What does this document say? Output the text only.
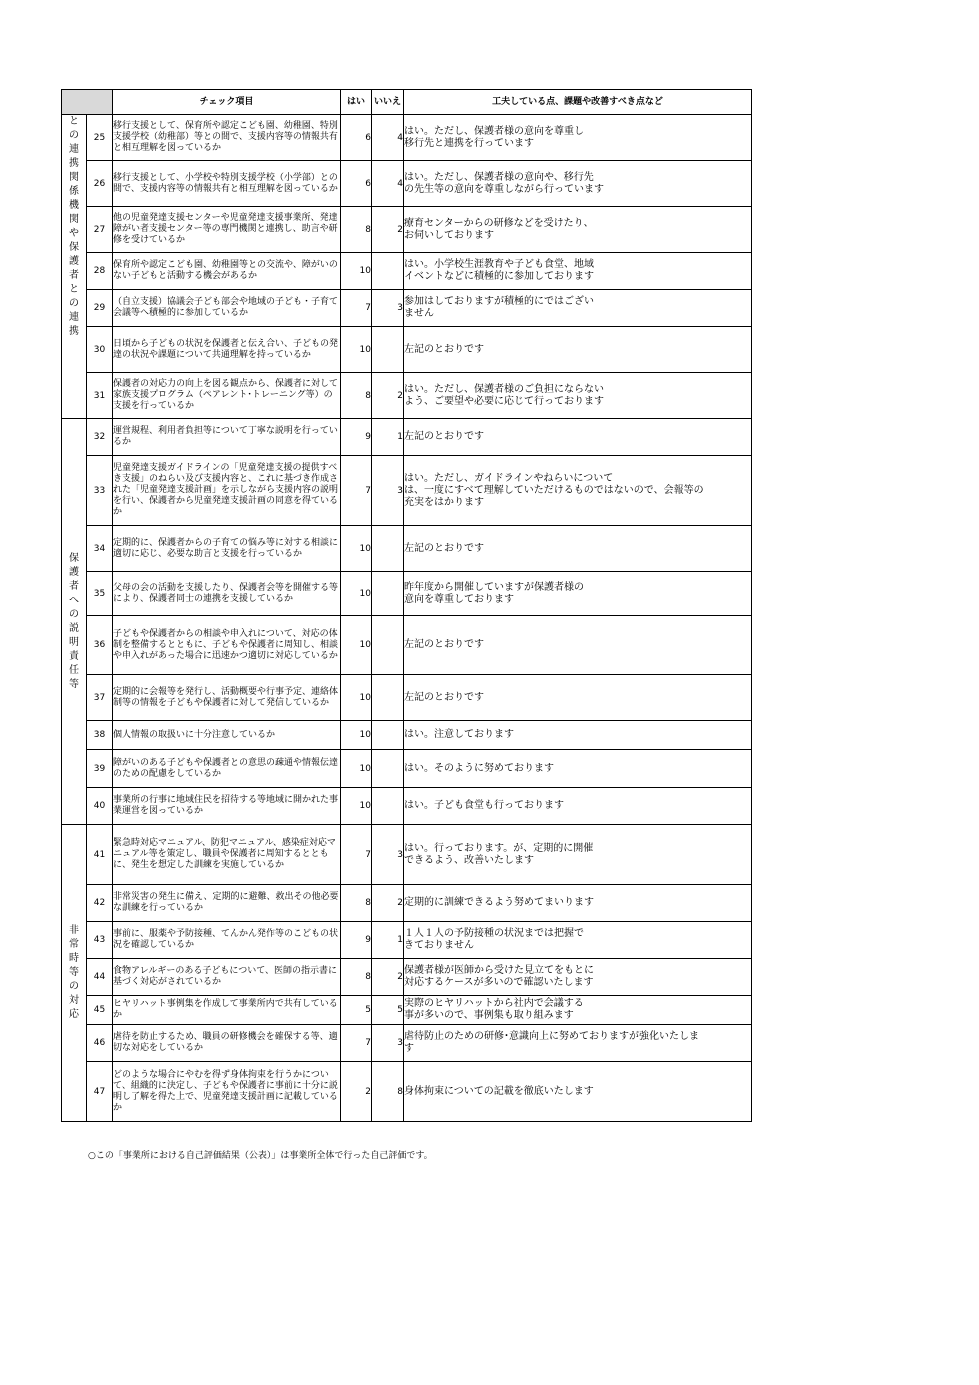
		チェック項目	はい	いいえ	工夫している点、課題や改善すべき点など

との連携関係機関や保護者との連携	25	移行支援として、保育所や認定こども園、幼稚園、特別支援学校（幼稚部）等との間で、支援内容等の情報共有と相互理解を図っているか	6	4	はい。ただし、保護者様の意向を尊重し
移行先と連携を行っています
	26	移行支援として、小学校や特別支援学校（小学部）との間で、支援内容等の情報共有と相互理解を図っているか	6	4	はい。ただし、保護者様の意向や、移行先
の先生等の意向を尊重しながら行っています
	27	他の児童発達支援センターや児童発達支援事業所、発達障がい者支援センター等の専門機関と連携し、助言や研修を受けているか	8	2	療育センターからの研修などを受けたり、
お伺いしております
	28	保育所や認定こども園、幼稚園等との交流や、障がいのない子どもと活動する機会があるか	10		はい。小学校生涯教育や子ども食堂、地域
イベントなどに積極的に参加しております
	29	（自立支援）協議会子ども部会や地域の子ども・子育て会議等へ積極的に参加しているか	7	3	参加はしておりますが積極的にではござい
ません
	30	日頃から子どもの状況を保護者と伝え合い、子どもの発達の状況や課題について共通理解を持っているか	10		左記のとおりです
	31	保護者の対応力の向上を図る観点から、保護者に対して家族支援プログラム（ペアレント･トレーニング等）の支援を行っているか	8	2	はい。ただし、保護者様のご負担にならない
よう、ご要望や必要に応じて行っております

保護者への説明責任等	32	運営規程、利用者負担等について丁寧な説明を行っているか	9	1	左記のとおりです
	33	児童発達支援ガイドラインの「児童発達支援の提供すべき支援」のねらい及び支援内容と、これに基づき作成された「児童発達支援計画」を示しながら支援内容の説明を行い、保護者から児童発達支援計画の同意を得ているか	7	3	はい。ただし、ガイドラインやねらいについて
は、一度にすべて理解していただけるものではないので、会報等の
充実をはかります
	34	定期的に、保護者からの子育ての悩み等に対する相談に適切に応じ、必要な助言と支援を行っているか	10		左記のとおりです
	35	父母の会の活動を支援したり、保護者会等を開催する等により、保護者同士の連携を支援しているか	10		昨年度から開催していますが保護者様の
意向を尊重しております
	36	子どもや保護者からの相談や申入れについて、対応の体制を整備するとともに、子どもや保護者に周知し、相談や申入れがあった場合に迅速かつ適切に対応しているか	10		左記のとおりです
	37	定期的に会報等を発行し、活動概要や行事予定、連絡体制等の情報を子どもや保護者に対して発信しているか	10		左記のとおりです
	38	個人情報の取扱いに十分注意しているか	10		はい。注意しております
	39	障がいのある子どもや保護者との意思の疎通や情報伝達のための配慮をしているか	10		はい。そのように努めております
	40	事業所の行事に地域住民を招待する等地域に開かれた事業運営を図っているか	10		はい。子ども食堂も行っております

非常時等の対応	41	緊急時対応マニュアル、防犯マニュアル、感染症対応マニュアル等を策定し、職員や保護者に周知するとともに、発生を想定した訓練を実施しているか	7	3	はい。行っております。が、定期的に開催
できるよう、改善いたします
	42	非常災害の発生に備え、定期的に避難、救出その他必要な訓練を行っているか	8	2	定期的に訓練できるよう努めてまいります
	43	事前に、服薬や予防接種、てんかん発作等のこどもの状況を確認しているか	9	1	１人１人の予防接種の状況までは把握で
きておりません
	44	食物アレルギーのある子どもについて、医師の指示書に基づく対応がされているか	8	2	保護者様が医師から受けた見立てをもとに
対応するケースが多いので確認いたします
	45	ヒヤリハット事例集を作成して事業所内で共有しているか	5	5	実際のヒヤリハットから社内で会議する
事が多いので、事例集も取り組みます
	46	虐待を防止するため、職員の研修機会を確保する等、適切な対応をしているか	7	3	虐待防止のための研修･意識向上に努めておりますが強化いたしま
す
	47	どのような場合にやむを得ず身体拘束を行うかについて、組織的に決定し、子どもや保護者に事前に十分に説明し了解を得た上で、児童発達支援計画に記載しているか	2	8	身体拘束についての記載を徹底いたします
○この「事業所における自己評価結果（公表）」は事業所全体で行った自己評価です。
